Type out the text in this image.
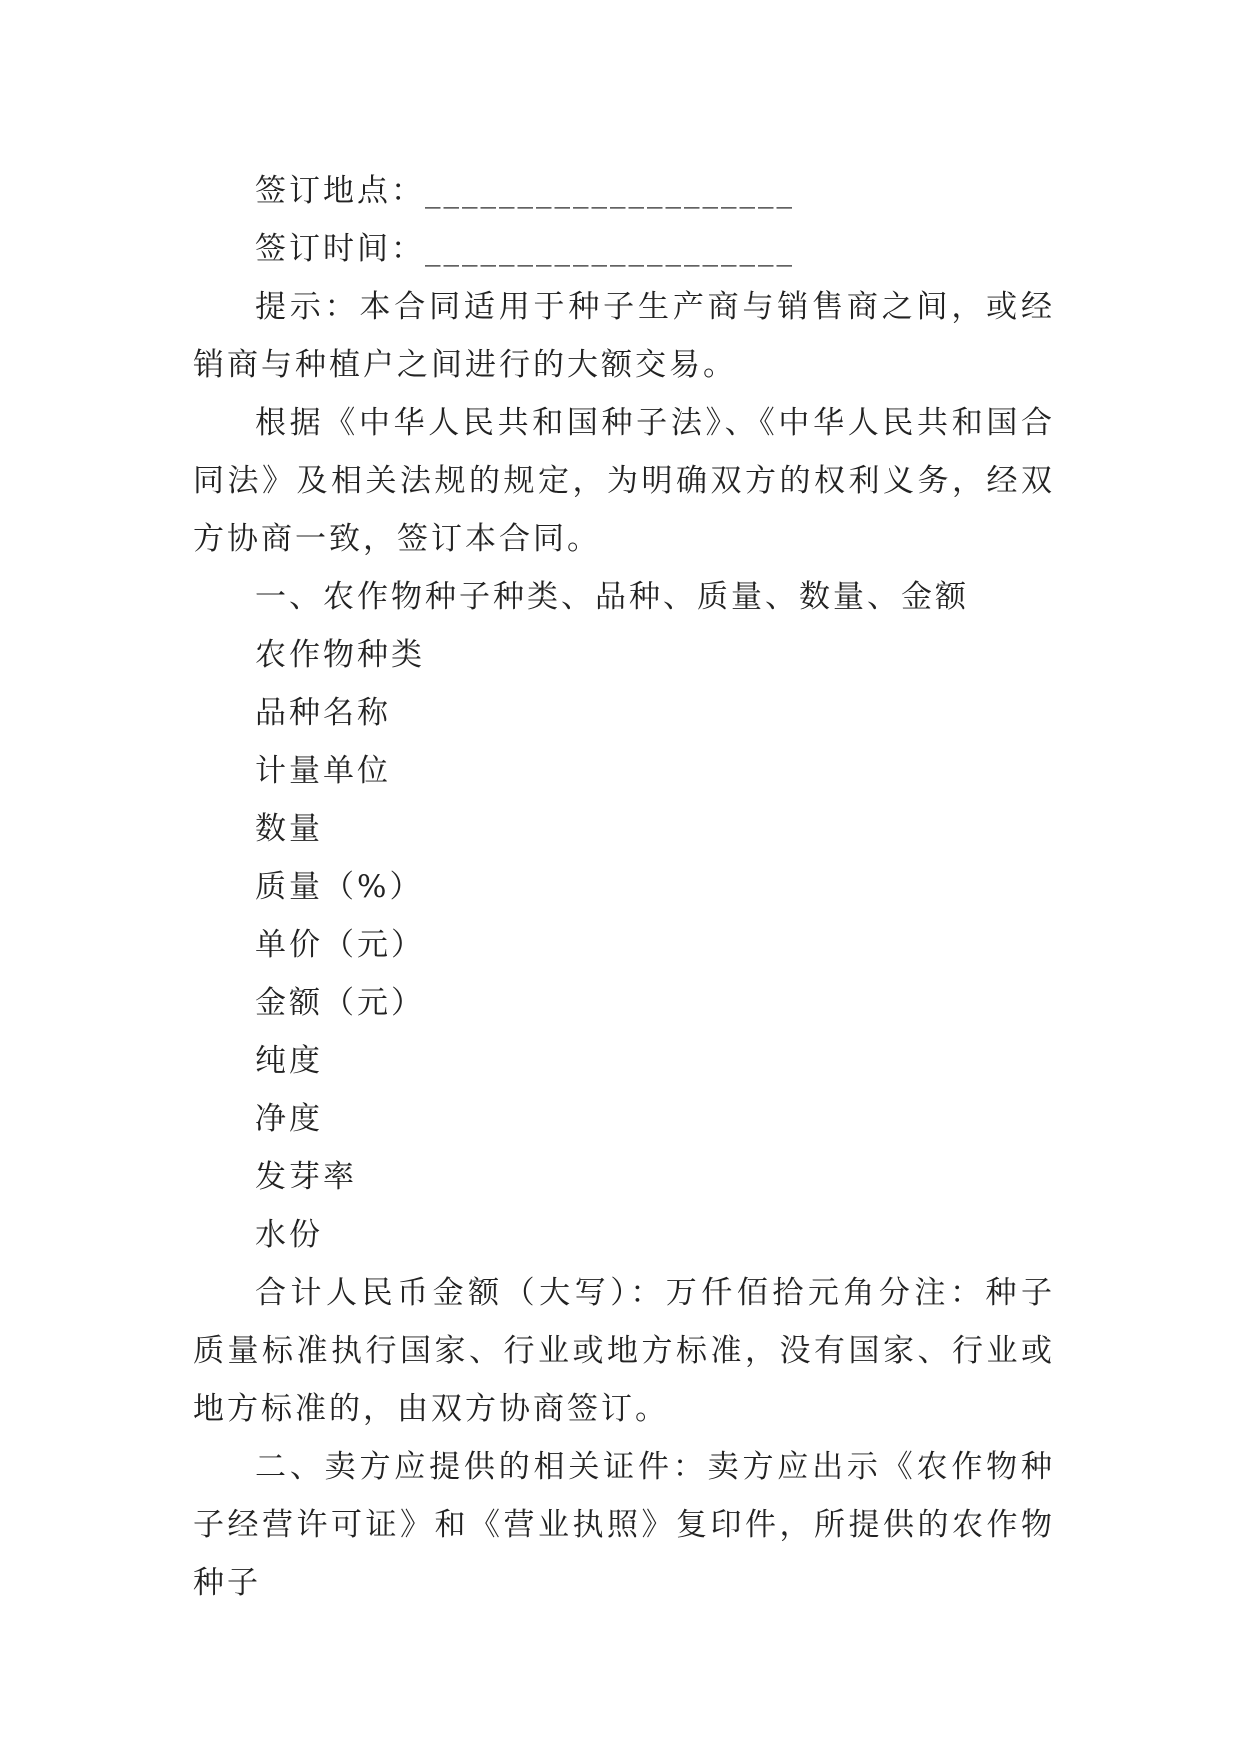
签订地点：____________________
签订时间：____________________
提示：本合同适用于种子生产商与销售商之间，或经销商与种植户之间进行的大额交易。
根据《中华人民共和国种子法》、《中华人民共和国合同法》及相关法规的规定，为明确双方的权利义务，经双方协商一致，签订本合同。
一、农作物种子种类、品种、质量、数量、金额
农作物种类
品种名称
计量单位
数量
质量（%）
单价（元）
金额（元）
纯度
净度
发芽率
水份
合计人民币金额（大写）：万仟佰拾元角分注：种子质量标准执行国家、行业或地方标准，没有国家、行业或地方标准的，由双方协商签订。
二、卖方应提供的相关证件：卖方应出示《农作物种子经营许可证》和《营业执照》复印件，所提供的农作物种子
